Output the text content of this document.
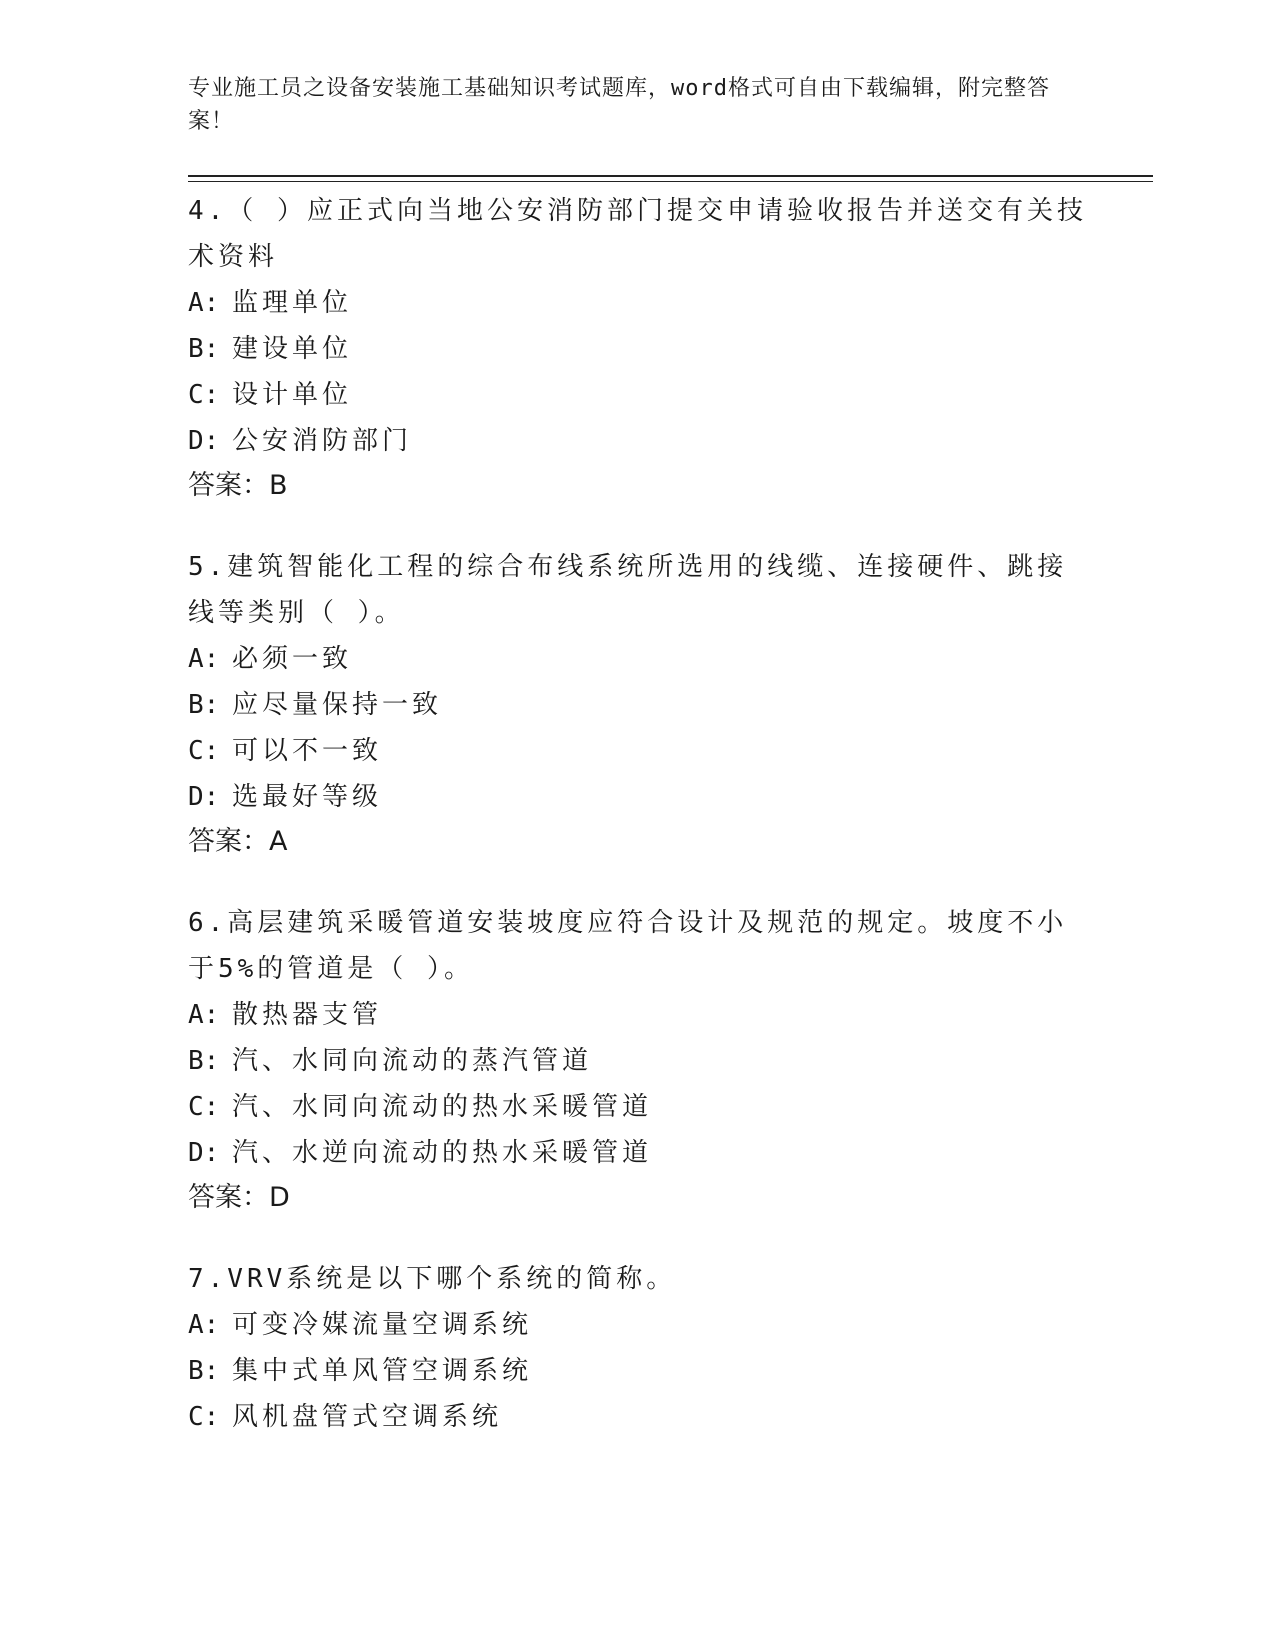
专业施工员之设备安装施工基础知识考试题库，word格式可自由下载编辑，附完整答案！
4.（ ）应正式向当地公安消防部门提交申请验收报告并送交有关技术资料
A: 监理单位
B: 建设单位
C: 设计单位
D: 公安消防部门
答案：B
5.建筑智能化工程的综合布线系统所选用的线缆、连接硬件、跳接线等类别（ ）。
A: 必须一致
B: 应尽量保持一致
C: 可以不一致
D: 选最好等级
答案：A
6.高层建筑采暖管道安装坡度应符合设计及规范的规定。坡度不小于5%的管道是（ ）。
A: 散热器支管
B: 汽、水同向流动的蒸汽管道
C: 汽、水同向流动的热水采暖管道
D: 汽、水逆向流动的热水采暖管道
答案：D
7.VRV系统是以下哪个系统的简称。
A: 可变冷媒流量空调系统
B: 集中式单风管空调系统
C: 风机盘管式空调系统
